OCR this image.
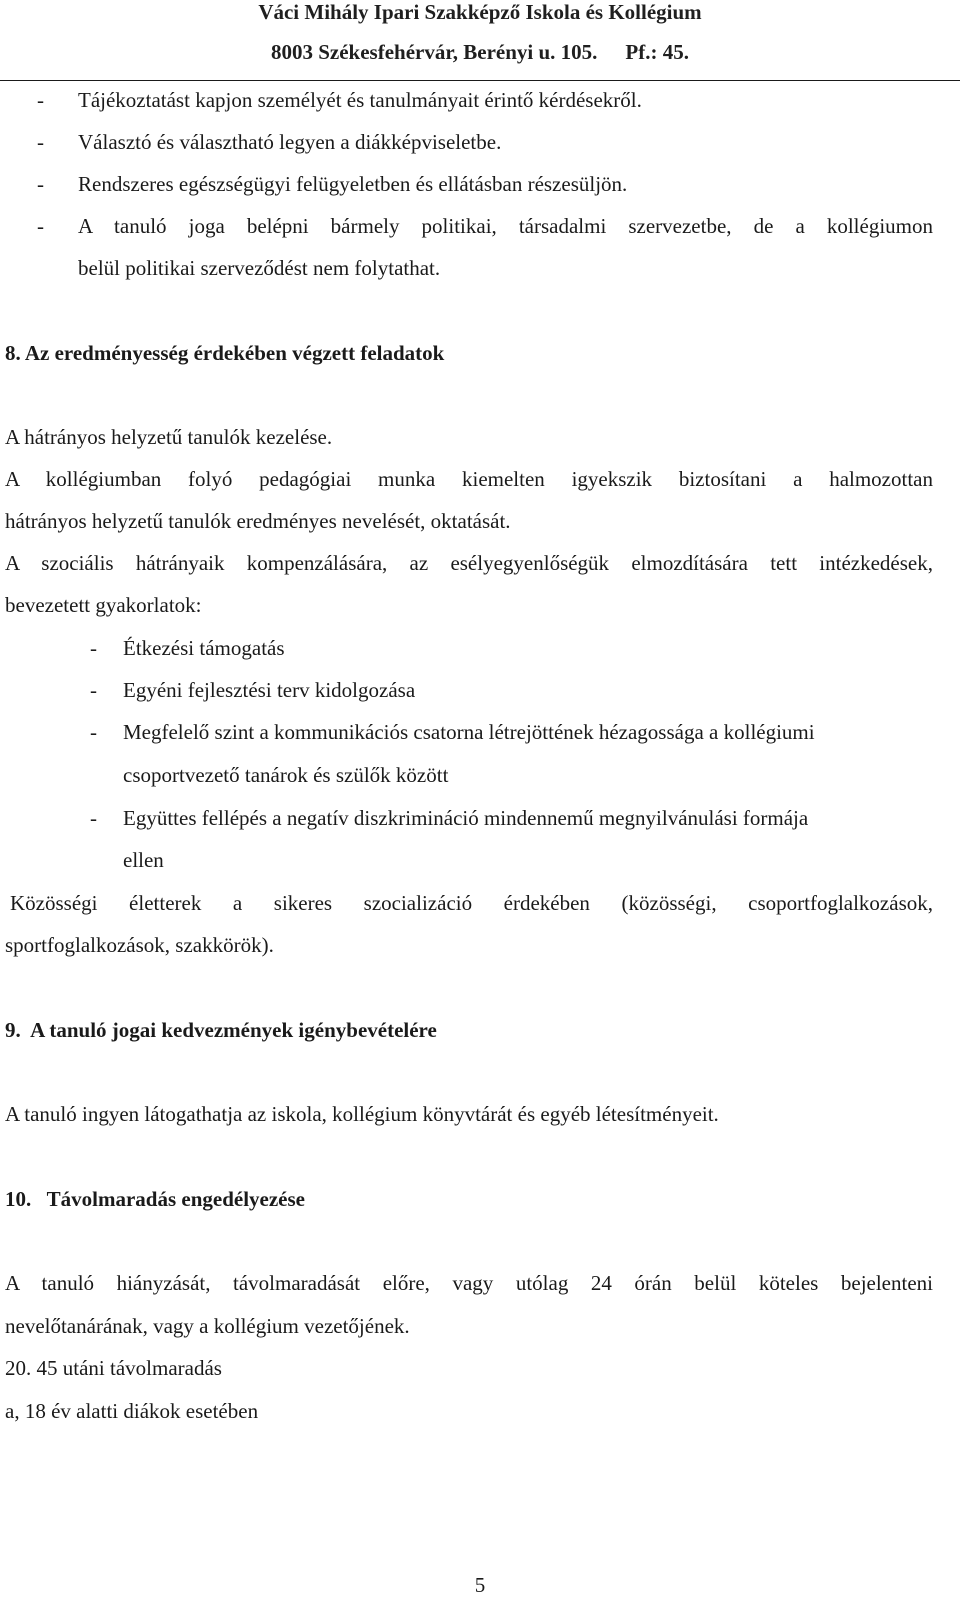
Váci Mihály Ipari Szakképző Iskola és Kollégium
8003 Székesfehérvár, Berényi u. 105. Pf.: 45.
- Tájékoztatást kapjon személyét és tanulmányait érintő kérdésekről.
- Választó és választható legyen a diákképviseletbe.
- Rendszeres egészségügyi felügyeletben és ellátásban részesüljön.
- A tanuló joga belépni bármely politikai, társadalmi szervezetbe, de a kollégiumon
belül politikai szerveződést nem folytathat.
8. Az eredményesség érdekében végzett feladatok
A hátrányos helyzetű tanulók kezelése.
A kollégiumban folyó pedagógiai munka kiemelten igyekszik biztosítani a halmozottan
hátrányos helyzetű tanulók eredményes nevelését, oktatását.
A szociális hátrányaik kompenzálására, az esélyegyenlőségük elmozdítására tett intézkedések,
bevezetett gyakorlatok:
- Étkezési támogatás
- Egyéni fejlesztési terv kidolgozása
- Megfelelő szint a kommunikációs csatorna létrejöttének hézagossága a kollégiumi
csoportvezető tanárok és szülők között
- Együttes fellépés a negatív diszkrimináció mindennemű megnyilvánulási formája
ellen
Közösségi életterek a sikeres szocializáció érdekében (közösségi, csoportfoglalkozások,
sportfoglalkozások, szakkörök).
9.  A tanuló jogai kedvezmények igénybevételére
A tanuló ingyen látogathatja az iskola, kollégium könyvtárát és egyéb létesítményeit.
10.   Távolmaradás engedélyezése
A tanuló hiányzását, távolmaradását előre, vagy utólag 24 órán belül köteles bejelenteni
nevelőtanárának, vagy a kollégium vezetőjének.
20. 45 utáni távolmaradás
a, 18 év alatti diákok esetében
5
